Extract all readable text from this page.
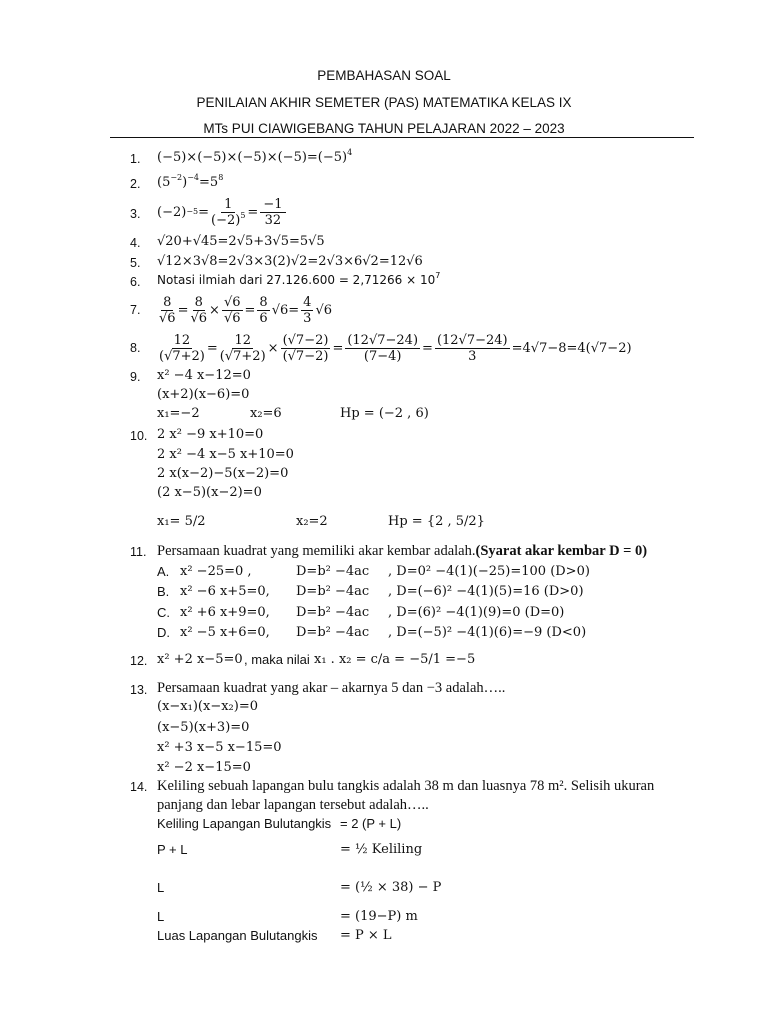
PEMBAHASAN SOAL
PENILAIAN AKHIR SEMETER (PAS) MATEMATIKA KELAS IX
MTs PUI CIAWIGEBANG TAHUN PELAJARAN 2022 – 2023
1.
2.
3.
4.
5.
6.
7.
8.
9.
10.
11.
12.
13.
14.
$(-5)\times(-5)\times(-5)\times(-5)=(-5)^4$
$(5^{-2})^{-4}=5^8$
$(-2) -5 = \frac{1}{(-2)^5} = \frac{-1}{32}$
√20+√45=2√5+3√5=5√5
√12×3√8=2√3×3(2)√2=2√3×6√2=12√6
Notasi ilmiah dari $27.126.600 = 2,71266 \times 10^7$
$\frac{8}{√6} = \frac{8}{√6} \times \frac{√6}{√6} = \frac{8}{6} √6 = \frac{4}{3} √6$
$\frac{12}{(√7+2)} = \frac{12}{(√7+2)} \times \frac{(√7-2)}{(√7-2)} = \frac{(12√7-24)}{(7-4)} = \frac{(12√7-24)}{3} =4√7-8=4(√7-2)$
x² −4 x−12=0
(x+2)(x−6)=0
x₁=−2	x₂=6	Hp = (−2 , 6)
2 x² −9 x+10=0
2 x² −4 x−5 x+10=0
2 x(x−2)−5(x−2)=0
(2 x−5)(x−2)=0
x₁= 5/2	x₂=2	Hp = {2 , 5/2}
Persamaan kuadrat yang memiliki akar kembar adalah.(Syarat akar kembar D = 0)
A. x² −25=0 ,	D=b² −4ac , D=0² −4(1)(−25)=100 (D>0)
B. x² −6 x+5=0, D=b² −4ac , D=(−6)² −4(1)(5)=16 (D>0)
C. x² +6 x+9=0, D=b² −4ac , D=(6)² −4(1)(9)=0 (D=0)
D. x² −5 x+6=0, D=b² −4ac , D=(−5)² −4(1)(6)=−9 (D<0)
x² +2 x−5=0 , maka nilai x₁ . x₂ = c/a = −5/1 =−5
Persamaan kuadrat yang akar – akarnya 5 dan −3 adalah…..
(x−x₁)(x−x₂)=0
(x−5)(x+3)=0
x² +3 x−5 x−15=0
x² −2 x−15=0
Keliling sebuah lapangan bulu tangkis adalah 38 m dan luasnya 78 m². Selisih ukuran
panjang dan lebar lapangan tersebut adalah…..
Keliling Lapangan Bulutangkis = 2 (P + L)
P + L	= ½ Keliling
L	= (½ × 38) − P
L	= (19−P) m
Luas Lapangan Bulutangkis = P × L
